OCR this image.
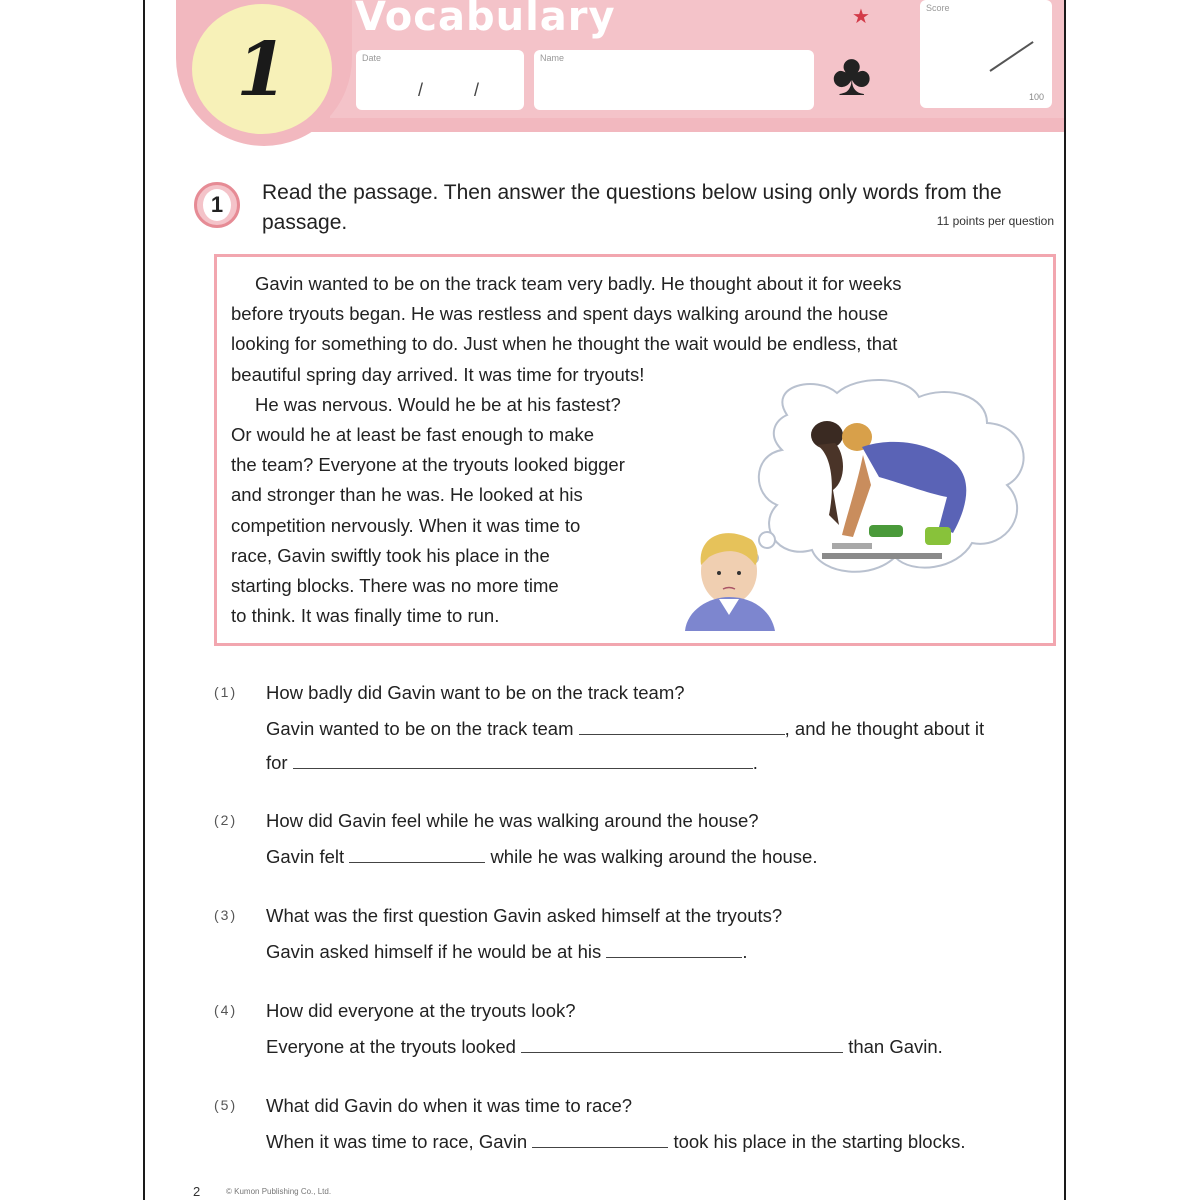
1
Vocabulary
Date
/	/
Name
★
♣
Score
100
1	Read the passage. Then answer the questions below using only words from the passage.	11 points per question

Gavin wanted to be on the track team very badly. He thought about it for weeks

before tryouts began. He was restless and spent days walking around the house

looking for something to do. Just when he thought the wait would be endless, that

beautiful spring day arrived. It was time for tryouts!

He was nervous. Would he be at his fastest?

Or would he at least be fast enough to make

the team? Everyone at the tryouts looked bigger

and stronger than he was. He looked at his

competition nervously. When it was time to

race, Gavin swiftly took his place in the

starting blocks. There was no more time

to think. It was finally time to run.

(1) How badly did Gavin want to be on the track team?
Gavin wanted to be on the track team	, and he thought about it
for	.
(2) How did Gavin feel while he was walking around the house?
Gavin felt	while he was walking around the house.
(3) What was the first question Gavin asked himself at the tryouts?
Gavin asked himself if he would be at his	.
(4) How did everyone at the tryouts look?
Everyone at the tryouts looked	than Gavin.
(5) What did Gavin do when it was time to race?
When it was time to race, Gavin	took his place in the starting blocks.
2	© Kumon Publishing Co., Ltd.
